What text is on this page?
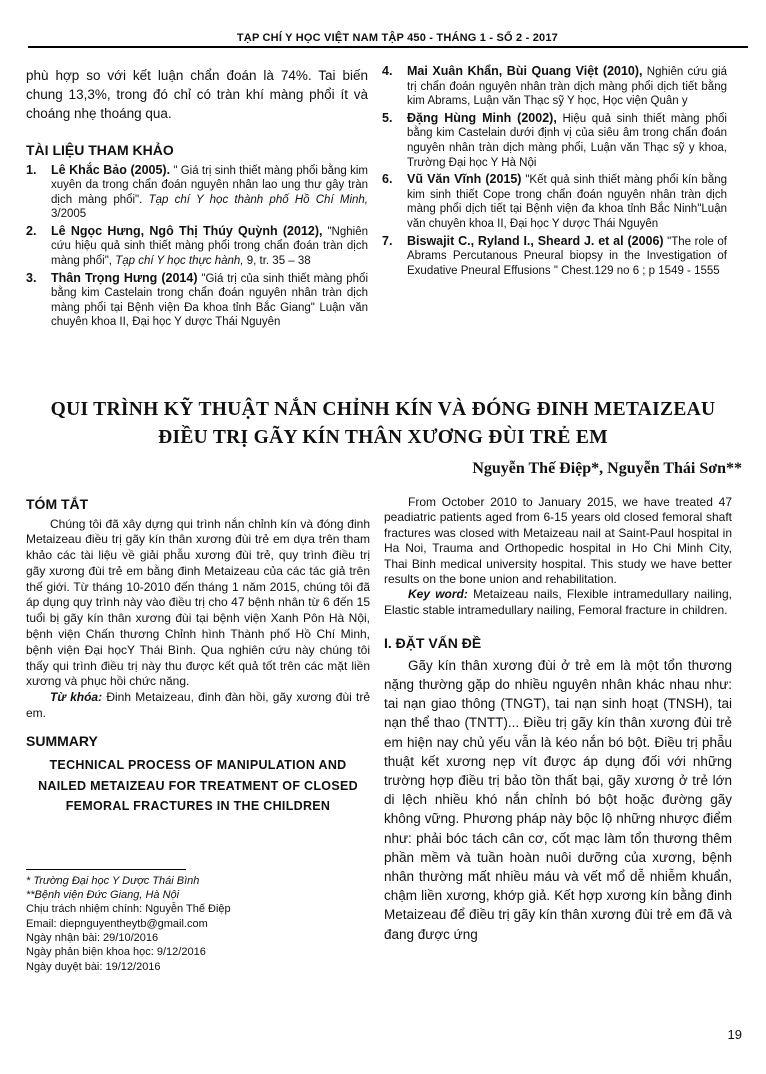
TẠP CHÍ Y HỌC VIỆT NAM TẬP 450 - THÁNG 1 - SỐ 2 - 2017

phù hợp so với kết luận chẩn đoán là 74%. Tai biến chung 13,3%, trong đó chỉ có tràn khí màng phổi ít và choáng nhẹ thoáng qua.

TÀI LIỆU THAM KHẢO
1. Lê Khắc Bảo (2005). " Giá trị sinh thiết màng phổi bằng kim xuyên da trong chẩn đoán nguyên nhân lao ung thư gây tràn dịch màng phổi". Tạp chí Y học thành phố Hồ Chí Minh, 3/2005
2. Lê Ngọc Hưng, Ngô Thị Thúy Quỳnh (2012), "Nghiên cứu hiệu quả sinh thiết màng phổi trong chẩn đoán tràn dịch màng phổi", Tạp chí Y học thực hành, 9, tr. 35 – 38
3. Thân Trọng Hưng (2014) "Giá trị của sinh thiết màng phổi bằng kim Castelain trong chẩn đoán nguyên nhân tràn dịch màng phổi tại Bệnh viện Đa khoa tỉnh Bắc Giang" Luận văn chuyên khoa II, Đại học Y dược Thái Nguyên
4. Mai Xuân Khẩn, Bùi Quang Việt (2010), Nghiên cứu giá trị chẩn đoán nguyên nhân tràn dịch màng phổi dịch tiết bằng kim Abrams, Luận văn Thạc sỹ Y học, Học viện Quân y
5. Đặng Hùng Minh (2002), Hiệu quả sinh thiết màng phổi bằng kim Castelain dưới định vị của siêu âm trong chẩn đoán nguyên nhân tràn dịch màng phổi, Luận văn Thạc sỹ y khoa, Trường Đại học Y Hà Nội
6. Vũ Văn Vĩnh (2015) "Kết quả sinh thiết màng phổi kín bằng kim sinh thiết Cope trong chẩn đoán nguyên nhân tràn dịch màng phổi dịch tiết tại Bệnh viện đa khoa tỉnh Bắc Ninh"Luận văn chuyên khoa II, Đại học Y dược Thái Nguyên
7. Biswajit C., Ryland I., Sheard J. et al (2006) "The role of Abrams Percutanous Pneural biopsy in the Investigation of Exudative Pneural Effusions " Chest.129 no 6 ; p 1549 - 1555
QUI TRÌNH KỸ THUẬT NẮN CHỈNH KÍN VÀ ĐÓNG ĐINH METAIZEAU
ĐIỀU TRỊ GÃY KÍN THÂN XƯƠNG ĐÙI TRẺ EM
Nguyễn Thế Điệp*, Nguyễn Thái Sơn**
TÓM TẮT

Chúng tôi đã xây dựng qui trình nắn chỉnh kín và đóng đinh Metaizeau điều trị gãy kín thân xương đùi trẻ em dựa trên tham khảo các tài liệu về giải phẫu xương đùi trẻ, quy trình điều trị gãy xương đùi trẻ em bằng đinh Metaizeau của các tác giả trên thế giới. Từ tháng 10-2010 đến tháng 1 năm 2015, chúng tôi đã áp dụng quy trình này vào điều trị cho 47 bệnh nhân từ 6 đến 15 tuổi bị gãy kín thân xương đùi tại bệnh viện Xanh Pôn Hà Nội, bệnh viện Chấn thương Chỉnh hình Thành phố Hồ Chí Minh, bệnh viện Đại họcY Thái Bình. Qua nghiên cứu này chúng tôi thấy qui trình điều trị này thu được kết quả tốt trên các mặt liền xương và phục hồi chức năng.

Từ khóa: Đinh Metaizeau, đinh đàn hồi, gãy xương đùi trẻ em.

SUMMARY

TECHNICAL PROCESS OF MANIPULATION AND NAILED METAIZEAU FOR TREATMENT OF CLOSED FEMORAL FRACTURES IN THE CHILDREN

* Trường Đại học Y Dược Thái Bình

**Bệnh viện Đức Giang, Hà Nội

Chịu trách nhiệm chính: Nguyễn Thế Điệp

Email: diepnguyentheytb@gmail.com

Ngày nhận bài: 29/10/2016

Ngày phản biện khoa học: 9/12/2016

Ngày duyệt bài: 19/12/2016

From October 2010 to January 2015, we have treated 47 peadiatric patients aged from 6-15 years old closed femoral shaft fractures was closed with Metaizeau nail at Saint-Paul hospital in Ha Noi, Trauma and Orthopedic hospital in Ho Chi Minh City, Thai Binh medical university hospital. This study we have better results on the bone union and rehabilitation.

Key word: Metaizeau nails, Flexible intramedullary nailing, Elastic stable intramedullary nailing, Femoral fracture in children.

I. ĐẶT VẤN ĐỀ

Gãy kín thân xương đùi ở trẻ em là một tổn thương nặng thường gặp do nhiều nguyên nhân khác nhau như: tai nạn giao thông (TNGT), tai nạn sinh hoạt (TNSH), tai nạn thể thao (TNTT)... Điều trị gãy kín thân xương đùi trẻ em hiện nay chủ yếu vẫn là kéo nắn bó bột. Điều trị phẫu thuật kết xương nẹp vít được áp dụng đối với những trường hợp điều trị bảo tồn thất bại, gãy xương ở trẻ lớn di lệch nhiều khó nắn chỉnh bó bột hoặc đường gãy không vững. Phương pháp này bộc lộ những nhược điểm như: phải bóc tách cân cơ, cốt mạc làm tổn thương thêm phần mềm và tuần hoàn nuôi dưỡng của xương, bệnh nhân thường mất nhiều máu và vết mổ dễ nhiễm khuẩn, chậm liền xương, khớp giả. Kết hợp xương kín bằng đinh Metaizeau để điều trị gãy kín thân xương đùi trẻ em đã và đang được ứng

19
